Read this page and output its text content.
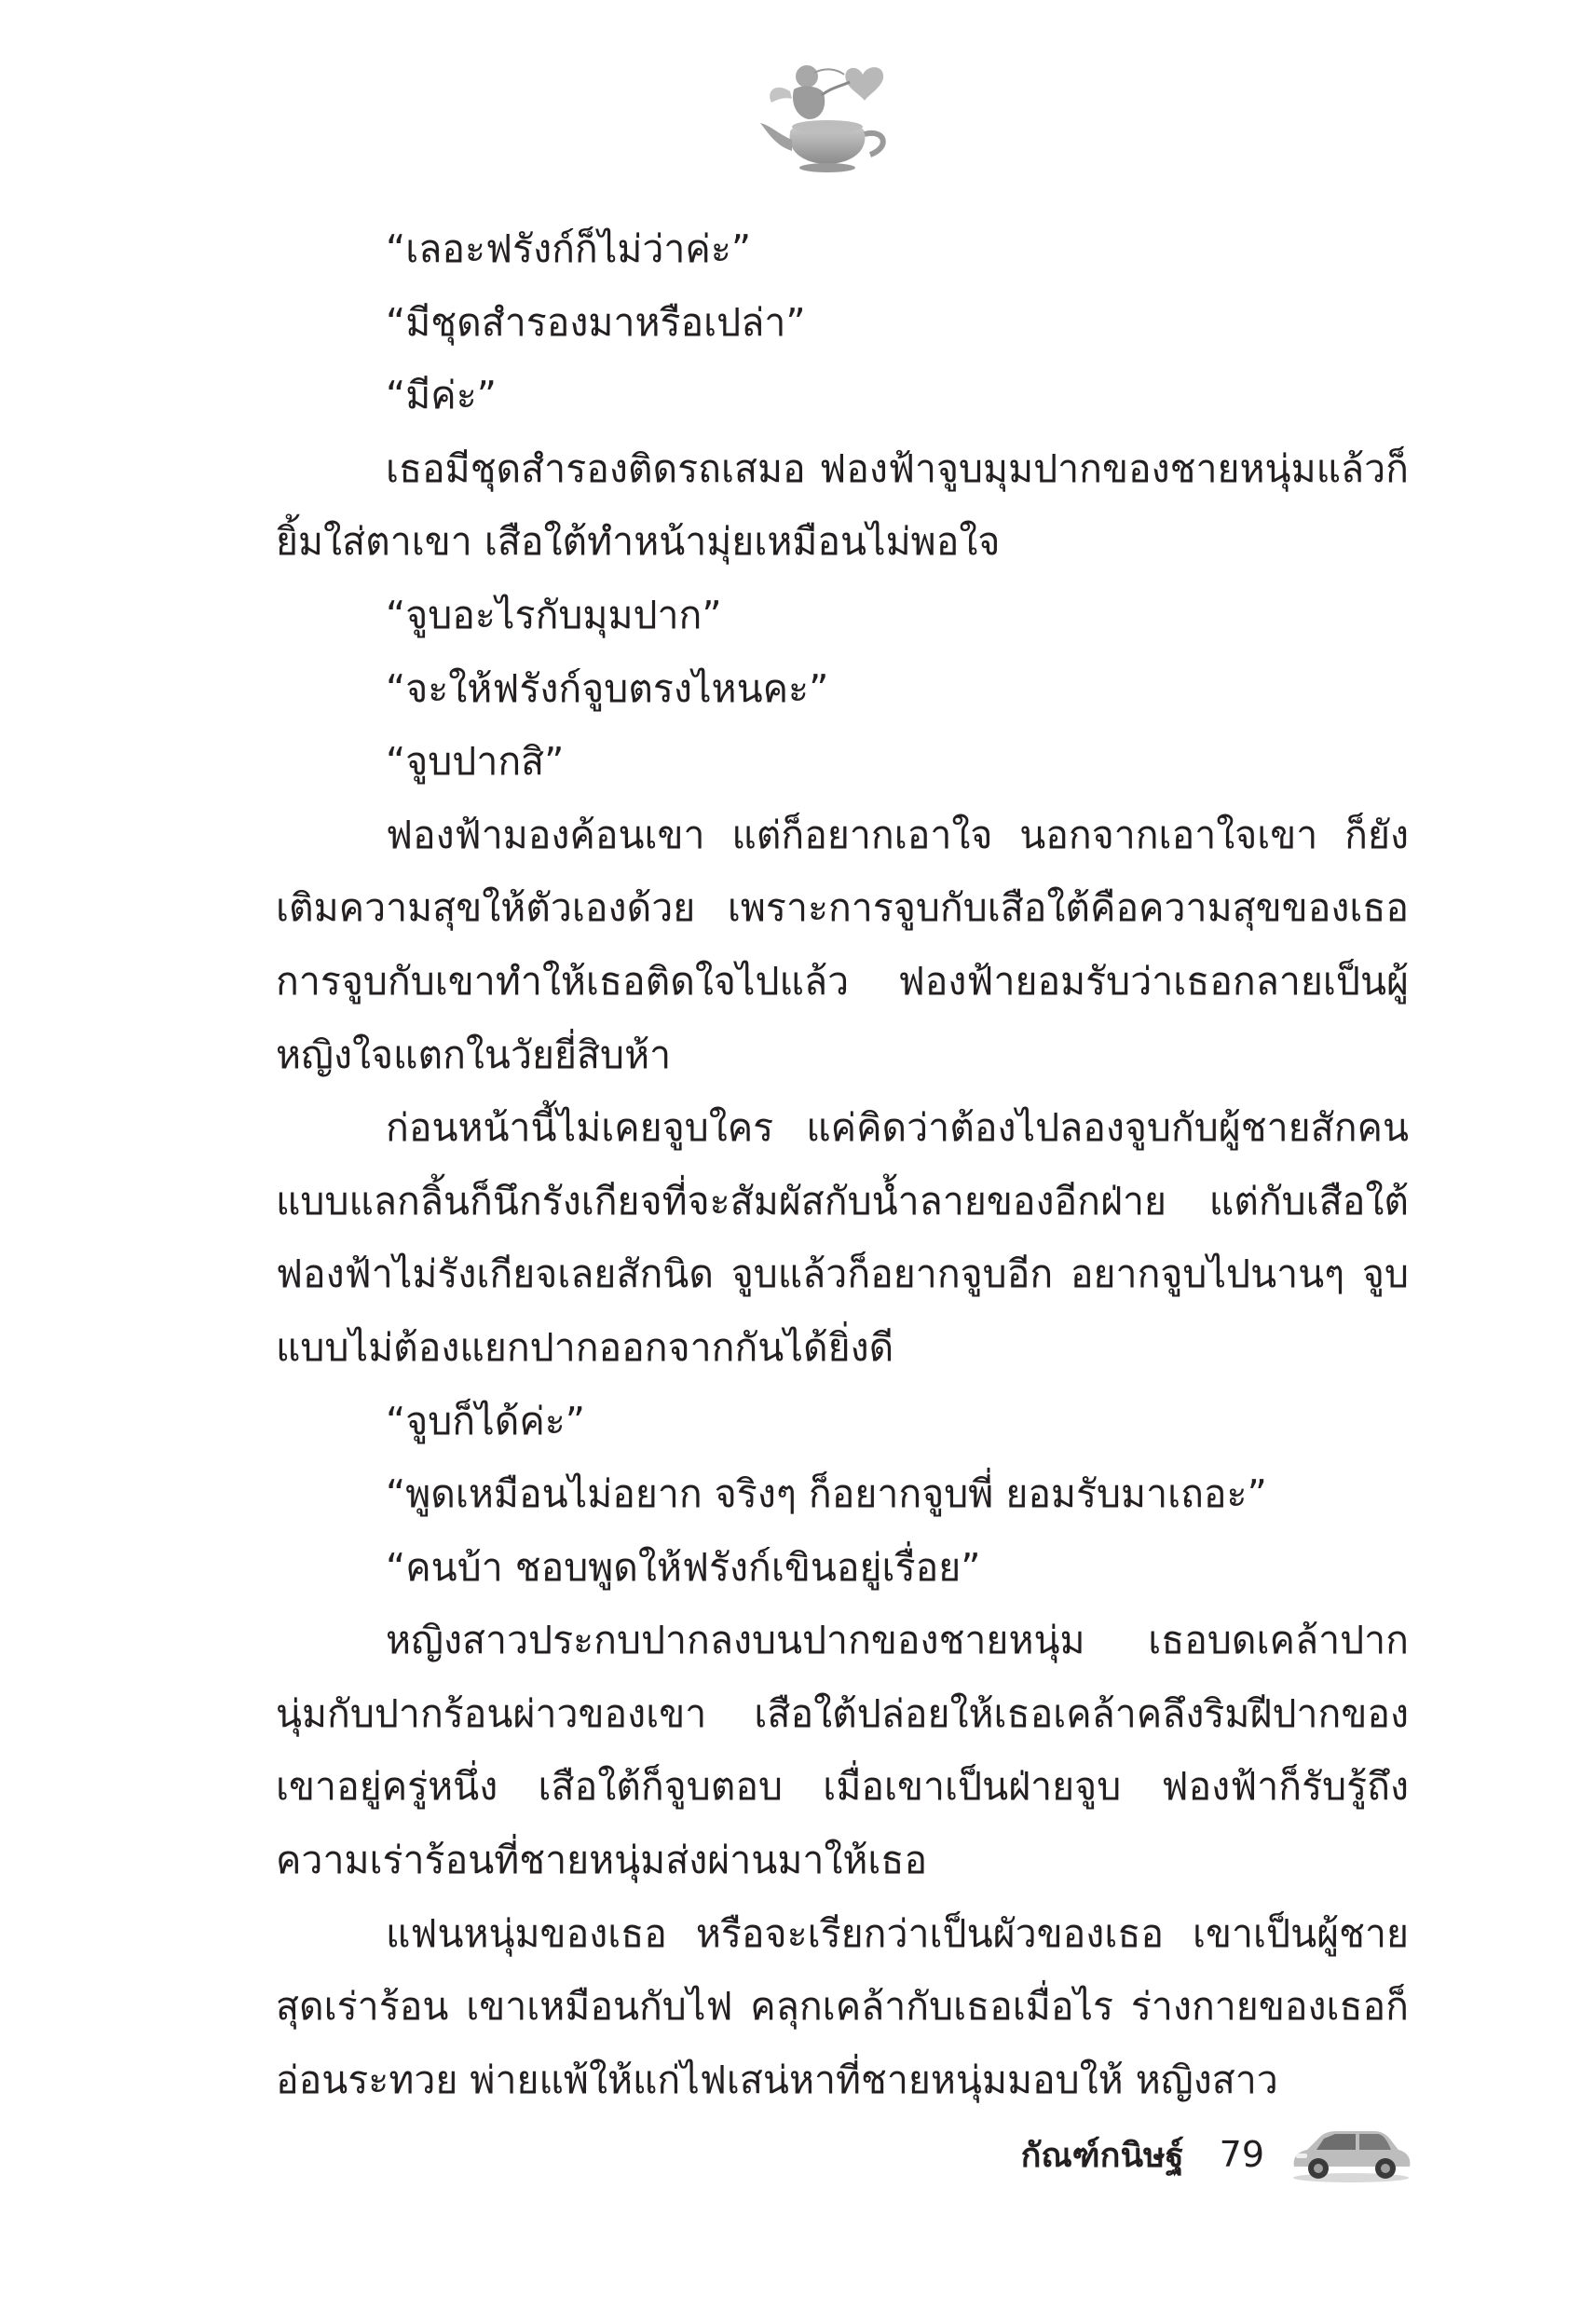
“เลอะฟรังก์ก็ไม่ว่าค่ะ”

“มีชุดสำรองมาหรือเปล่า”

“มีค่ะ”

เธอมีชุดสำรองติดรถเสมอ ฟองฟ้าจูบมุมปากของชายหนุ่มแล้วก็ยิ้มใส่ตาเขา เสือใต้ทำหน้ามุ่ยเหมือนไม่พอใจ

“จูบอะไรกับมุมปาก”

“จะให้ฟรังก์จูบตรงไหนคะ”

“จูบปากสิ”

ฟองฟ้ามองค้อนเขา แต่ก็อยากเอาใจ นอกจากเอาใจเขา ก็ยังเติมความสุขให้ตัวเองด้วย เพราะการจูบกับเสือใต้คือความสุขของเธอ การจูบกับเขาทำให้เธอติดใจไปแล้ว ฟองฟ้ายอมรับว่าเธอกลายเป็นผู้หญิงใจแตกในวัยยี่สิบห้า

ก่อนหน้านี้ไม่เคยจูบใคร แค่คิดว่าต้องไปลองจูบกับผู้ชายสักคนแบบแลกลิ้นก็นึกรังเกียจที่จะสัมผัสกับน้ำลายของอีกฝ่าย แต่กับเสือใต้ฟองฟ้าไม่รังเกียจเลยสักนิด จูบแล้วก็อยากจูบอีก อยากจูบไปนานๆ จูบแบบไม่ต้องแยกปากออกจากกันได้ยิ่งดี

“จูบก็ได้ค่ะ”

“พูดเหมือนไม่อยาก จริงๆ ก็อยากจูบพี่ ยอมรับมาเถอะ”

“คนบ้า ชอบพูดให้ฟรังก์เขินอยู่เรื่อย”

หญิงสาวประกบปากลงบนปากของชายหนุ่ม เธอบดเคล้าปากนุ่มกับปากร้อนผ่าวของเขา เสือใต้ปล่อยให้เธอเคล้าคลึงริมฝีปากของเขาอยู่ครู่หนึ่ง เสือใต้ก็จูบตอบ เมื่อเขาเป็นฝ่ายจูบ ฟองฟ้าก็รับรู้ถึงความเร่าร้อนที่ชายหนุ่มส่งผ่านมาให้เธอ

แฟนหนุ่มของเธอ หรือจะเรียกว่าเป็นผัวของเธอ เขาเป็นผู้ชายสุดเร่าร้อน เขาเหมือนกับไฟ คลุกเคล้ากับเธอเมื่อไร ร่างกายของเธอก็อ่อนระทวย พ่ายแพ้ให้แก่ไฟเสน่หาที่ชายหนุ่มมอบให้ หญิงสาว

กัณฑ์กนิษฐ์ 79
